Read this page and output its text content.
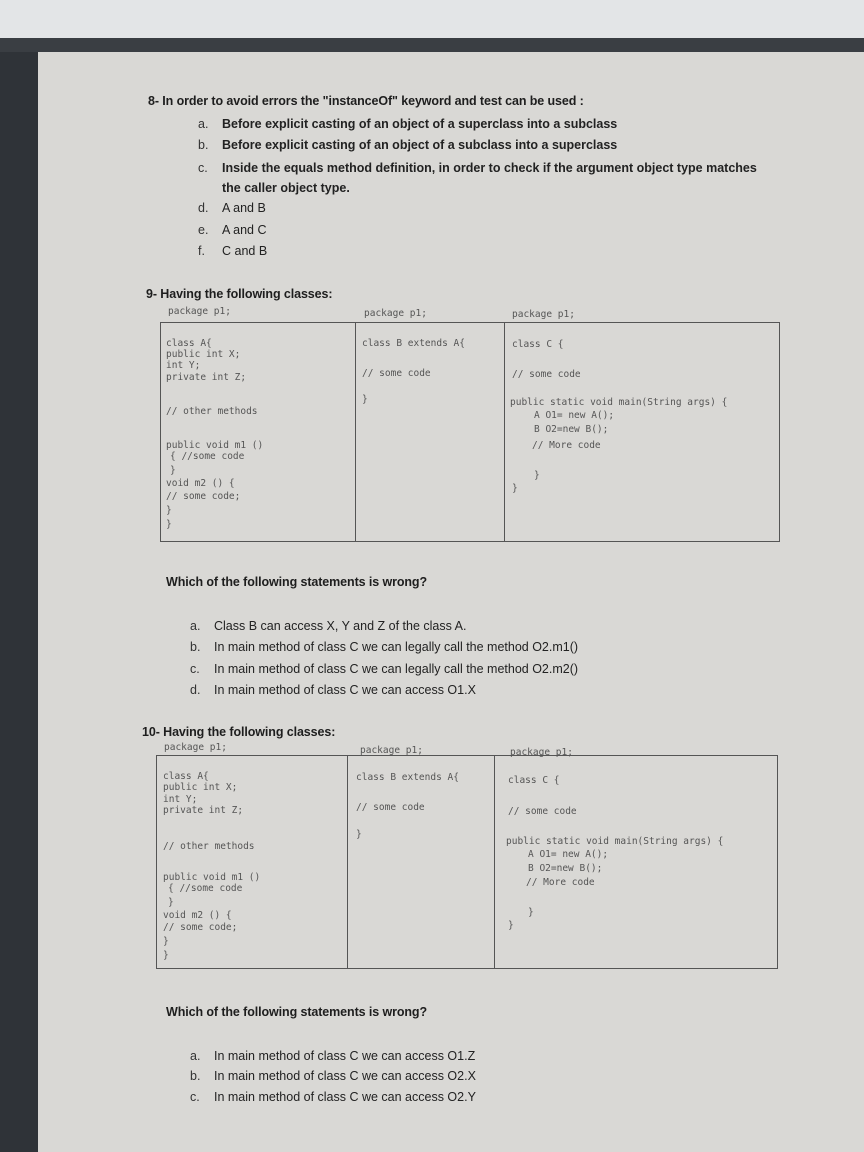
8- In order to avoid errors the "instanceOf" keyword and test can be used :
a. Before explicit casting of an object of a superclass into a subclass
b. Before explicit casting of an object of a subclass into a superclass
c. Inside the equals method definition, in order to check if the argument object type matches
the caller object type.
d. A and B
e. A and C
f. C and B
9- Having the following classes:
package p1;	package p1;	package p1;

class A{
public int X;
int Y;
private int Z;
// other methods
public void m1 ()
{ //some code
}
void m2 () {
// some code;
}
}
class B extends A{
// some code
}
class C {
// some code
public static void main(String args) {
A O1= new A();
B O2=new B();
// More code
}
}
Which of the following statements is wrong?
a. Class B can access X, Y and Z of the class A.
b. In main method of class C we can legally call the method O2.m1()
c. In main method of class C we can legally call the method O2.m2()
d. In main method of class C we can access O1.X
10- Having the following classes:
package p1;	package p1;	package p1;

class A{
public int X;
int Y;
private int Z;
// other methods
public void m1 ()
{ //some code
}
void m2 () {
// some code;
}
}
class B extends A{
// some code
}
class C {
// some code
public static void main(String args) {
A O1= new A();
B O2=new B();
// More code
}
}
Which of the following statements is wrong?
a. In main method of class C we can access O1.Z
b. In main method of class C we can access O2.X
c. In main method of class C we can access O2.Y
